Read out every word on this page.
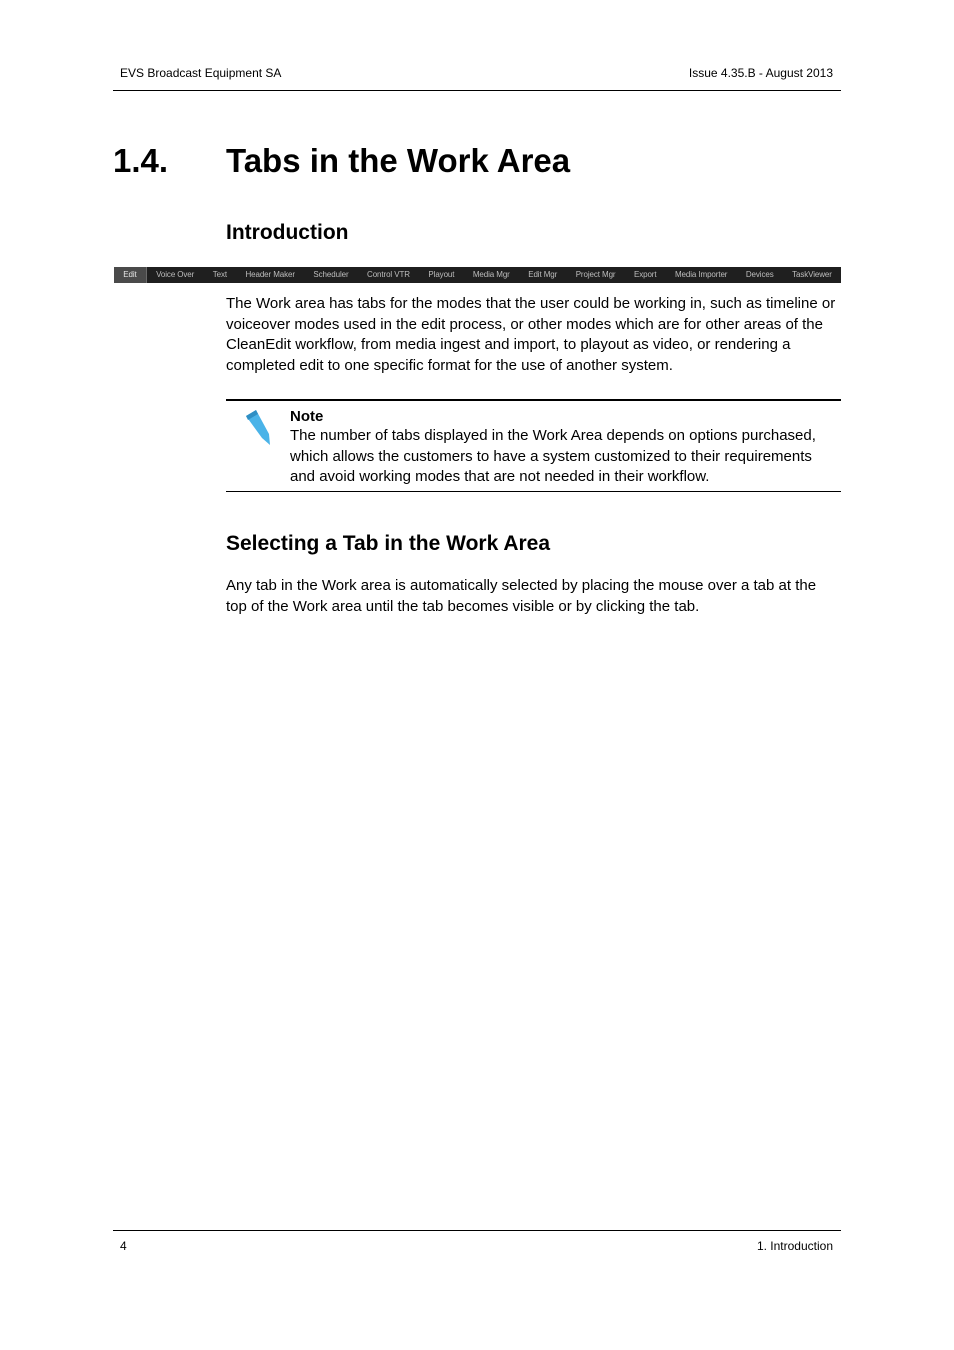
EVS Broadcast Equipment SA	Issue 4.35.B - August 2013
1.4. Tabs in the Work Area
Introduction
Edit	Voice Over	Text	Header Maker	Scheduler	Control VTR	Playout	Media Mgr	Edit Mgr	Project Mgr	Export	Media Importer	Devices	TaskViewer

The Work area has tabs for the modes that the user could be working in, such as timeline or voiceover modes used in the edit process, or other modes which are for other areas of the CleanEdit workflow, from media ingest and import, to playout as video, or rendering a completed edit to one specific format for the use of another system.

Note

The number of tabs displayed in the Work Area depends on options purchased, which allows the customers to have a system customized to their requirements and avoid working modes that are not needed in their workflow.

Selecting a Tab in the Work Area

Any tab in the Work area is automatically selected by placing the mouse over a tab at the top of the Work area until the tab becomes visible or by clicking the tab.

4	1. Introduction
